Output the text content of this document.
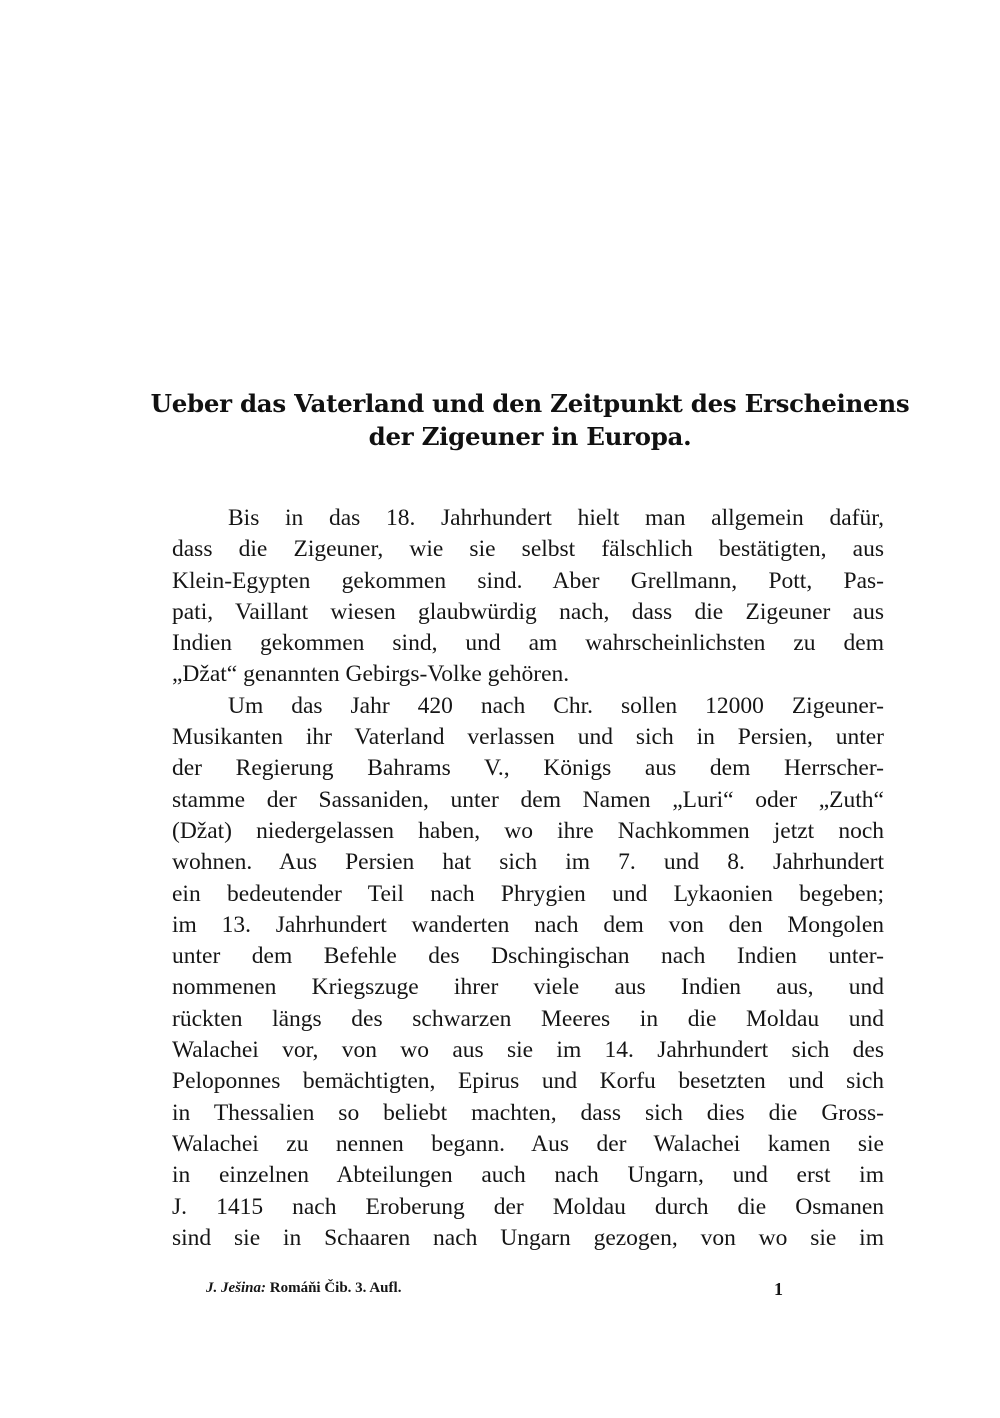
Ueber das Vaterland und den Zeitpunkt des Erscheinens
der Zigeuner in Europa.
Bis in das 18. Jahrhundert hielt man allgemein dafür,
dass die Zigeuner, wie sie selbst fälschlich bestätigten, aus
Klein-Egypten gekommen sind. Aber Grellmann, Pott, Pas-
pati, Vaillant wiesen glaubwürdig nach, dass die Zigeuner aus
Indien gekommen sind, und am wahrscheinlichsten zu dem
„Džat“ genannten Gebirgs-Volke gehören.
Um das Jahr 420 nach Chr. sollen 12000 Zigeuner-
Musikanten ihr Vaterland verlassen und sich in Persien, unter
der Regierung Bahrams V., Königs aus dem Herrscher-
stamme der Sassaniden, unter dem Namen „Luri“ oder „Zuth“
(Džat) niedergelassen haben, wo ihre Nachkommen jetzt noch
wohnen. Aus Persien hat sich im 7. und 8. Jahrhundert
ein bedeutender Teil nach Phrygien und Lykaonien begeben;
im 13. Jahrhundert wanderten nach dem von den Mongolen
unter dem Befehle des Dschingischan nach Indien unter-
nommenen Kriegszuge ihrer viele aus Indien aus, und
rückten längs des schwarzen Meeres in die Moldau und
Walachei vor, von wo aus sie im 14. Jahrhundert sich des
Peloponnes bemächtigten, Epirus und Korfu besetzten und sich
in Thessalien so beliebt machten, dass sich dies die Gross-
Walachei zu nennen begann. Aus der Walachei kamen sie
in einzelnen Abteilungen auch nach Ungarn, und erst im
J. 1415 nach Eroberung der Moldau durch die Osmanen
sind sie in Schaaren nach Ungarn gezogen, von wo sie im
J. Ješina: Romáňi Čib. 3. Aufl.	1
